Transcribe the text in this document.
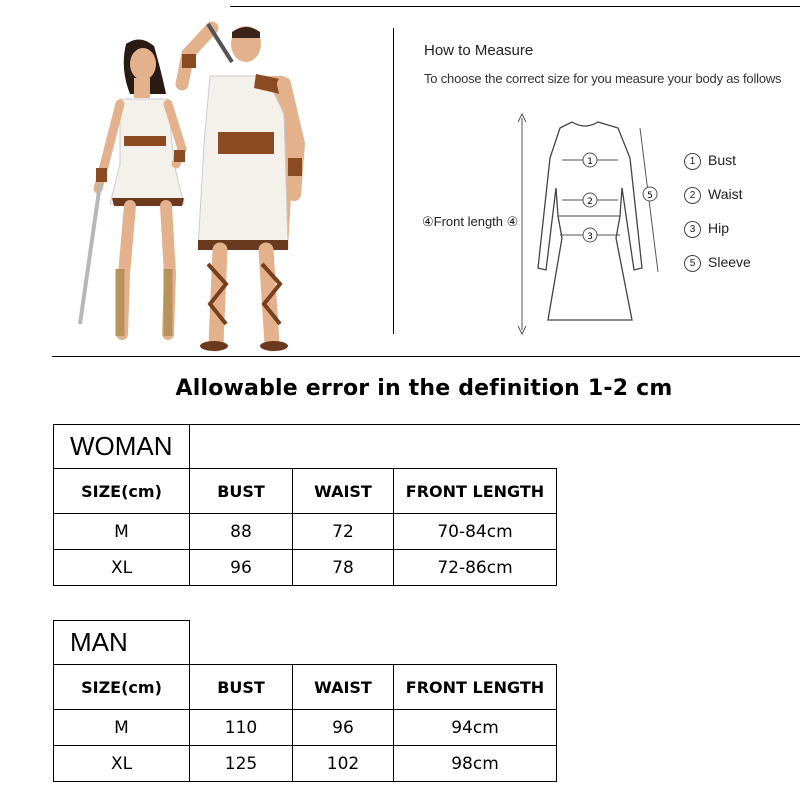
How to Measure
To choose the correct size for you measure your body as follows
5
1
2
3
④Front length ④
1 Bust
2 Waist
3 Hip
5 Sleeve
Allowable error in the definition 1-2 cm
WOMAN			
SIZE(cm)	BUST	WAIST	FRONT LENGTH
M	88	72	70-84cm
XL	96	78	72-86cm
MAN			
SIZE(cm)	BUST	WAIST	FRONT LENGTH
M	110	96	94cm
XL	125	102	98cm
